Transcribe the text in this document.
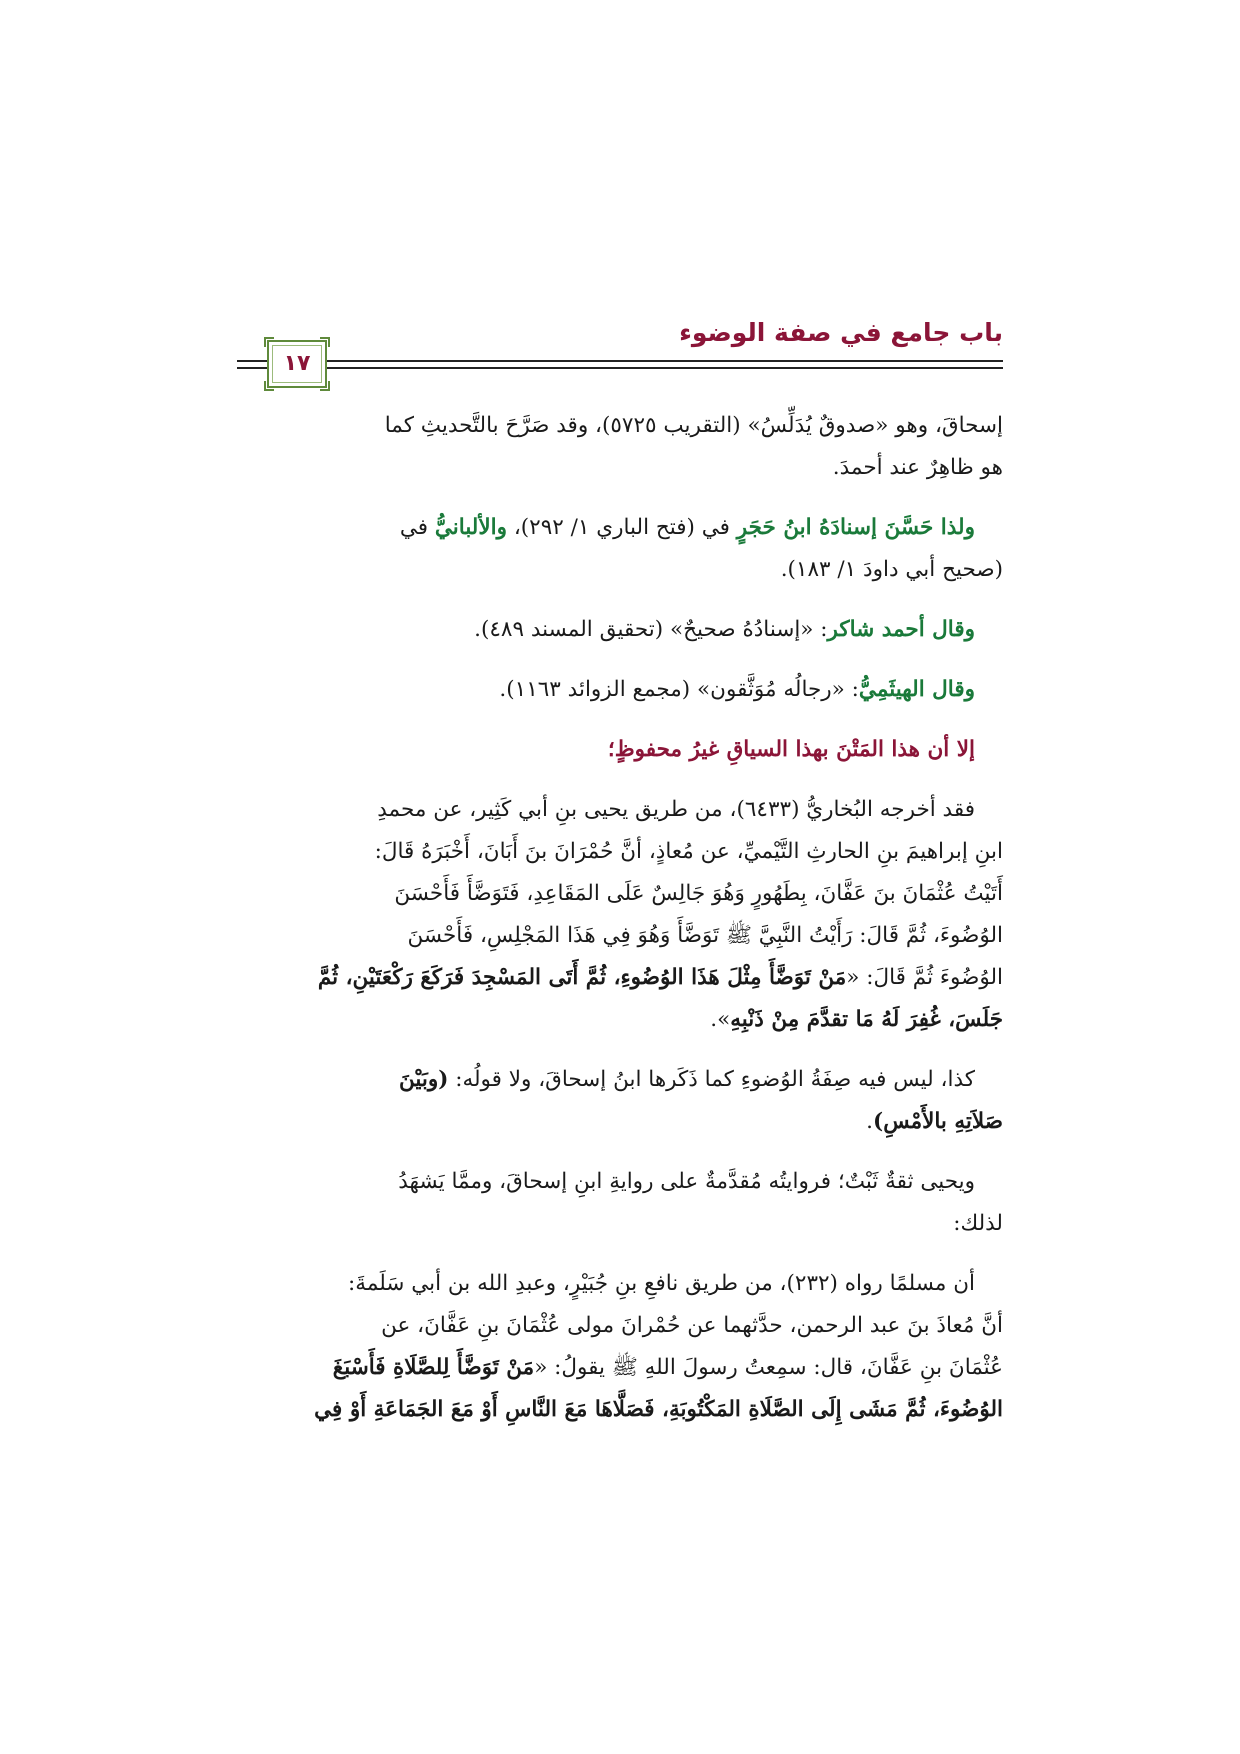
باب جامع في صفة الوضوء
١٧

إسحاقَ، وهو «صدوقٌ يُدَلِّسُ» (التقريب ٥٧٢٥)، وقد صَرَّحَ بالتَّحديثِ كما

هو ظاهِرٌ عند أحمدَ.

ولذا حَسَّنَ إسنادَهُ ابنُ حَجَرٍ في (فتح الباري ١/ ٢٩٢)، والألبانيُّ في

(صحيح أبي داودَ ١/ ١٨٣).

وقال أحمد شاكر: «إسنادُهُ صحيحٌ» (تحقيق المسند ٤٨٩).

وقال الهيثَمِيُّ: «رجالُه مُوَثَّقون» (مجمع الزوائد ١١٦٣).

إلا أن هذا المَتْنَ بهذا السياقِ غيرُ محفوظٍ؛

فقد أخرجه البُخاريُّ (٦٤٣٣)، من طريق يحيى بنِ أبي كَثِير، عن محمدِ

ابنِ إبراهيمَ بنِ الحارثِ التَّيْميِّ، عن مُعاذٍ، أنَّ حُمْرَانَ بنَ أَبَانَ، أَخْبَرَهُ قَالَ:

أَتَيْتُ عُثْمَانَ بنَ عَفَّانَ، بِطَهُورٍ وَهُوَ جَالِسٌ عَلَى المَقَاعِدِ، فَتَوَضَّأَ فَأَحْسَنَ

الوُضُوءَ، ثُمَّ قَالَ: رَأَيْتُ النَّبِيَّ ﷺ تَوَضَّأَ وَهُوَ فِي هَذَا المَجْلِسِ، فَأَحْسَنَ

الوُضُوءَ ثُمَّ قَالَ: «مَنْ تَوَضَّأَ مِثْلَ هَذَا الوُضُوءِ، ثُمَّ أَتَى المَسْجِدَ فَرَكَعَ رَكْعَتَيْنِ، ثُمَّ

جَلَسَ، غُفِرَ لَهُ مَا تقدَّمَ مِنْ ذَنْبِهِ».

كذا، ليس فيه صِفَةُ الوُضوءِ كما ذَكَرها ابنُ إسحاقَ، ولا قولُه: (وبَيْنَ

صَلاَتِهِ بالأَمْسِ).

ويحيى ثقةٌ ثَبْتٌ؛ فروايتُه مُقدَّمةٌ على روايةِ ابنِ إسحاقَ، وممَّا يَشهَدُ

لذلك:

أن مسلمًا رواه (٢٣٢)، من طريق نافعِ بنِ جُبَيْرٍ، وعبدِ الله بن أبي سَلَمةَ:

أنَّ مُعاذَ بنَ عبد الرحمن، حدَّثهما عن حُمْرانَ مولى عُثْمَانَ بنِ عَفَّانَ، عن

عُثْمَانَ بنِ عَفَّانَ، قال: سمِعتُ رسولَ اللهِ ﷺ يقولُ: «مَنْ تَوَضَّأَ لِلصَّلَاةِ فَأَسْبَغَ

الوُضُوءَ، ثُمَّ مَشَى إِلَى الصَّلَاةِ المَكْتُوبَةِ، فَصَلَّاهَا مَعَ النَّاسِ أَوْ مَعَ الجَمَاعَةِ أَوْ فِي
